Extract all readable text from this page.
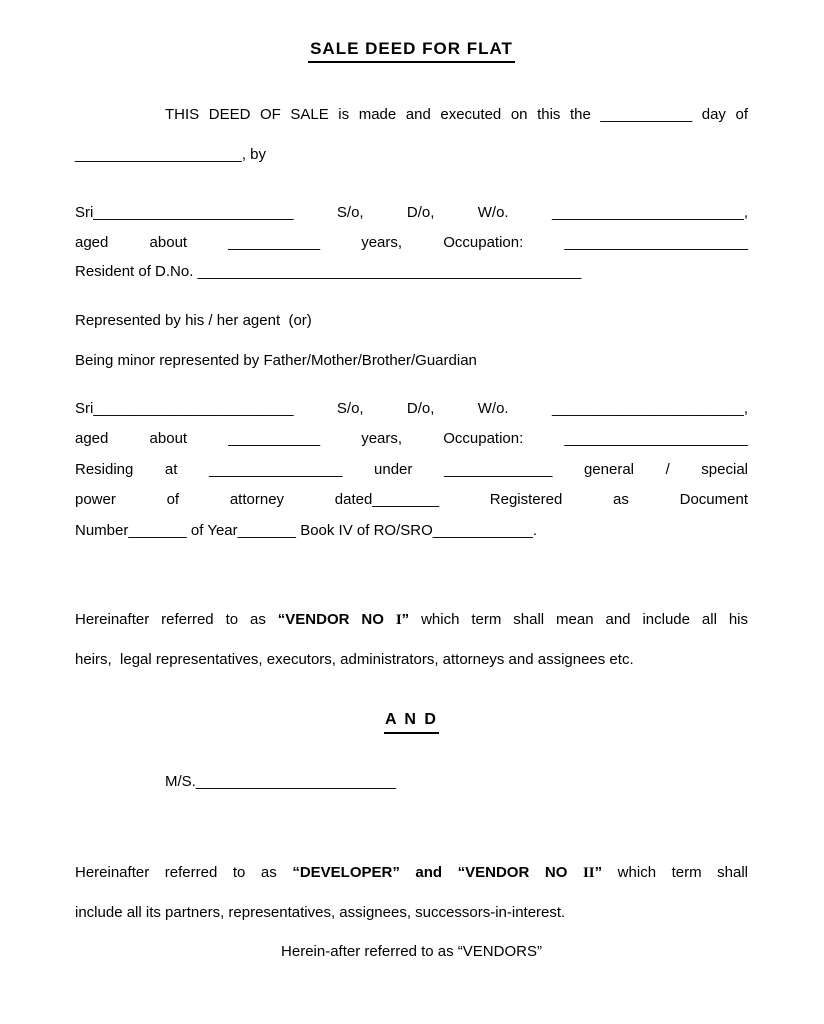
SALE DEED FOR FLAT
THIS DEED OF SALE is made and executed on this the ___________ day of
____________________, by
Sri________________________ S/o, D/o, W/o. _______________________,
aged about ___________ years, Occupation: ______________________
Resident of D.No. ______________________________________________
Represented by his / her agent  (or)
Being minor represented by Father/Mother/Brother/Guardian
Sri________________________ S/o, D/o, W/o. _______________________,
aged about ___________ years, Occupation: ______________________
Residing at ________________ under _____________ general / special
power of attorney dated________ Registered as Document
Number_______ of Year_______ Book IV of RO/SRO____________.
Hereinafter referred to as “VENDOR NO I” which term shall mean and include all his
heirs,  legal representatives, executors, administrators, attorneys and assignees etc.
A N D
M/S.________________________
Hereinafter referred to as “DEVELOPER” and “VENDOR NO II” which term shall
include all its partners, representatives, assignees, successors-in-interest.
Herein-after referred to as “VENDORS”
